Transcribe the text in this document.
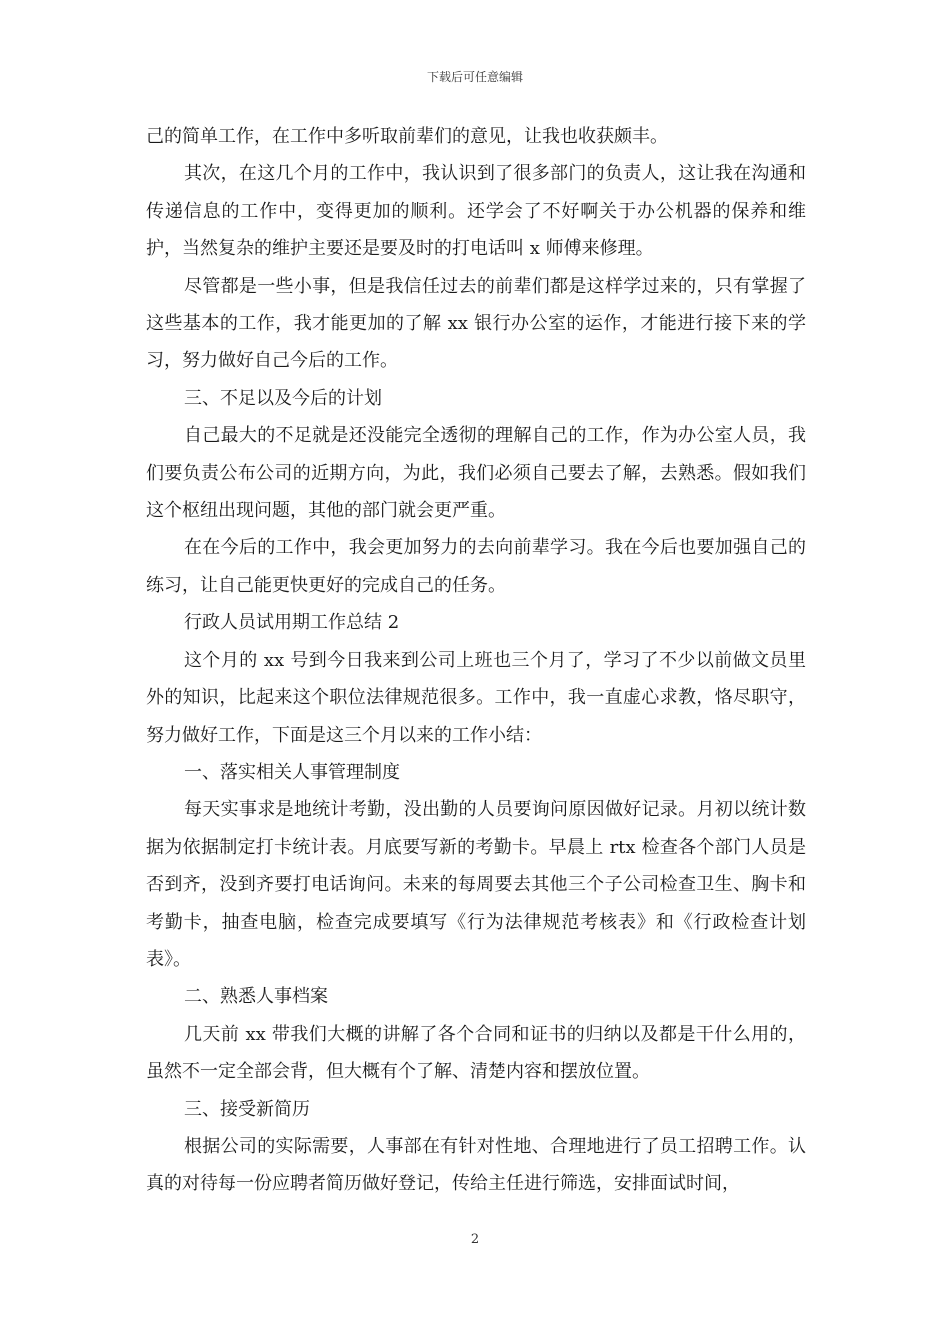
下载后可任意编辑

己的简单工作，在工作中多听取前辈们的意见，让我也收获颇丰。

其次，在这几个月的工作中，我认识到了很多部门的负责人，这让我在沟通和传递信息的工作中，变得更加的顺利。还学会了不好啊关于办公机器的保养和维护，当然复杂的维护主要还是要及时的打电话叫 x 师傅来修理。

尽管都是一些小事，但是我信任过去的前辈们都是这样学过来的，只有掌握了这些基本的工作，我才能更加的了解 xx 银行办公室的运作，才能进行接下来的学习，努力做好自己今后的工作。

三、不足以及今后的计划

自己最大的不足就是还没能完全透彻的理解自己的工作，作为办公室人员，我们要负责公布公司的近期方向，为此，我们必须自己要去了解，去熟悉。假如我们这个枢纽出现问题，其他的部门就会更严重。

在在今后的工作中，我会更加努力的去向前辈学习。我在今后也要加强自己的练习，让自己能更快更好的完成自己的任务。

行政人员试用期工作总结 2

这个月的 xx 号到今日我来到公司上班也三个月了，学习了不少以前做文员里外的知识，比起来这个职位法律规范很多。工作中，我一直虚心求教，恪尽职守，努力做好工作，下面是这三个月以来的工作小结：

一、落实相关人事管理制度

每天实事求是地统计考勤，没出勤的人员要询问原因做好记录。月初以统计数据为依据制定打卡统计表。月底要写新的考勤卡。早晨上 rtx 检查各个部门人员是否到齐，没到齐要打电话询问。未来的每周要去其他三个子公司检查卫生、胸卡和考勤卡，抽查电脑，检查完成要填写《行为法律规范考核表》和《行政检查计划表》。

二、熟悉人事档案

几天前 xx 带我们大概的讲解了各个合同和证书的归纳以及都是干什么用的，虽然不一定全部会背，但大概有个了解、清楚内容和摆放位置。

三、接受新简历

根据公司的实际需要，人事部在有针对性地、合理地进行了员工招聘工作。认真的对待每一份应聘者简历做好登记，传给主任进行筛选，安排面试时间，

2
